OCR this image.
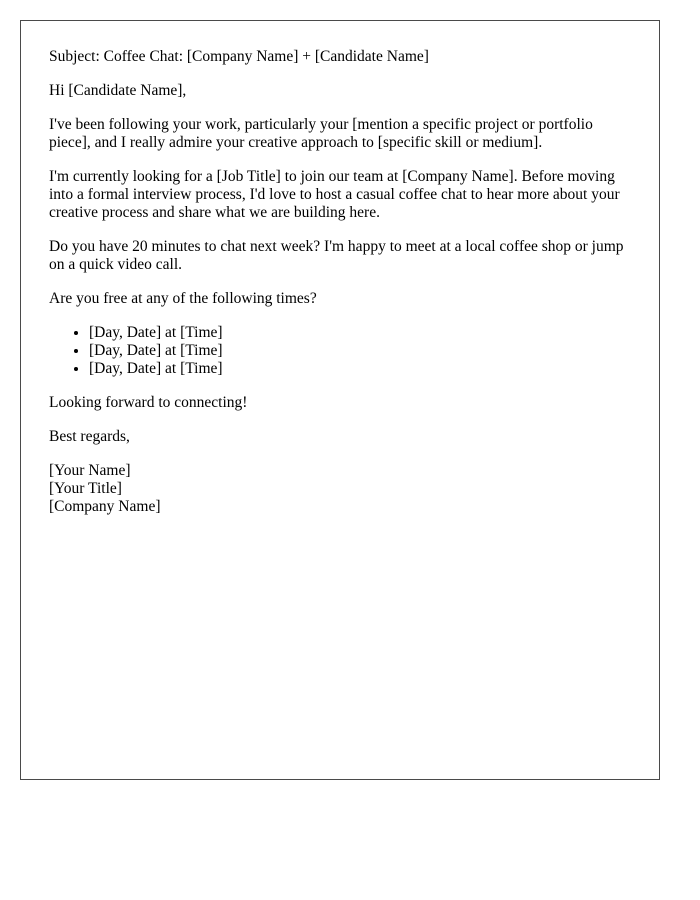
Subject: Coffee Chat: [Company Name] + [Candidate Name]

Hi [Candidate Name],

I've been following your work, particularly your [mention a specific project or portfolio piece], and I really admire your creative approach to [specific skill or medium].

I'm currently looking for a [Job Title] to join our team at [Company Name]. Before moving into a formal interview process, I'd love to host a casual coffee chat to hear more about your creative process and share what we are building here.

Do you have 20 minutes to chat next week? I'm happy to meet at a local coffee shop or jump on a quick video call.

Are you free at any of the following times?

• [Day, Date] at [Time]
• [Day, Date] at [Time]
• [Day, Date] at [Time]

Looking forward to connecting!

Best regards,

[Your Name]
[Your Title]
[Company Name]
